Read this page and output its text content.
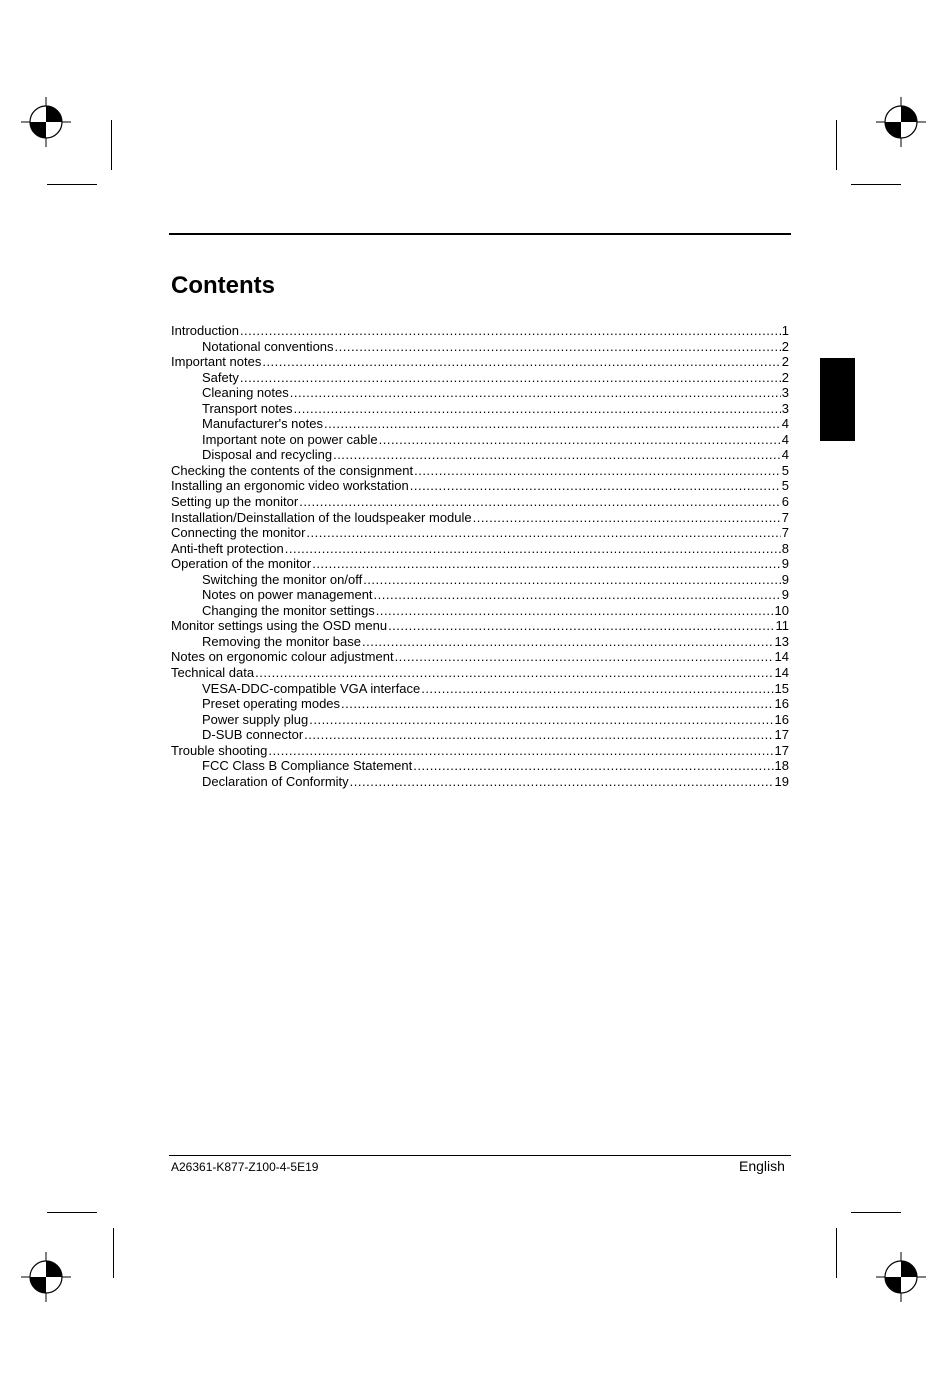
Contents
Introduction .....	1
Notational conventions .....	2
Important notes .....	2
Safety .....	2
Cleaning notes .....	3
Transport notes .....	3
Manufacturer's notes .....	4
Important note on power cable .....	4
Disposal and recycling .....	4
Checking the contents of the consignment .....	5
Installing an ergonomic video workstation .....	5
Setting up the monitor .....	6
Installation/Deinstallation of the loudspeaker module .....	7
Connecting the monitor .....	7
Anti-theft protection .....	8
Operation of the monitor .....	9
Switching the monitor on/off .....	9
Notes on power management .....	9
Changing the monitor settings .....	10
Monitor settings using the OSD menu .....	11
Removing the monitor base .....	13
Notes on ergonomic colour adjustment .....	14
Technical data .....	14
VESA-DDC-compatible VGA interface .....	15
Preset operating modes .....	16
Power supply plug .....	16
D-SUB connector .....	17
Trouble shooting .....	17
FCC Class B Compliance Statement .....	18
Declaration of Conformity .....	19
A26361-K877-Z100-4-5E19	English
